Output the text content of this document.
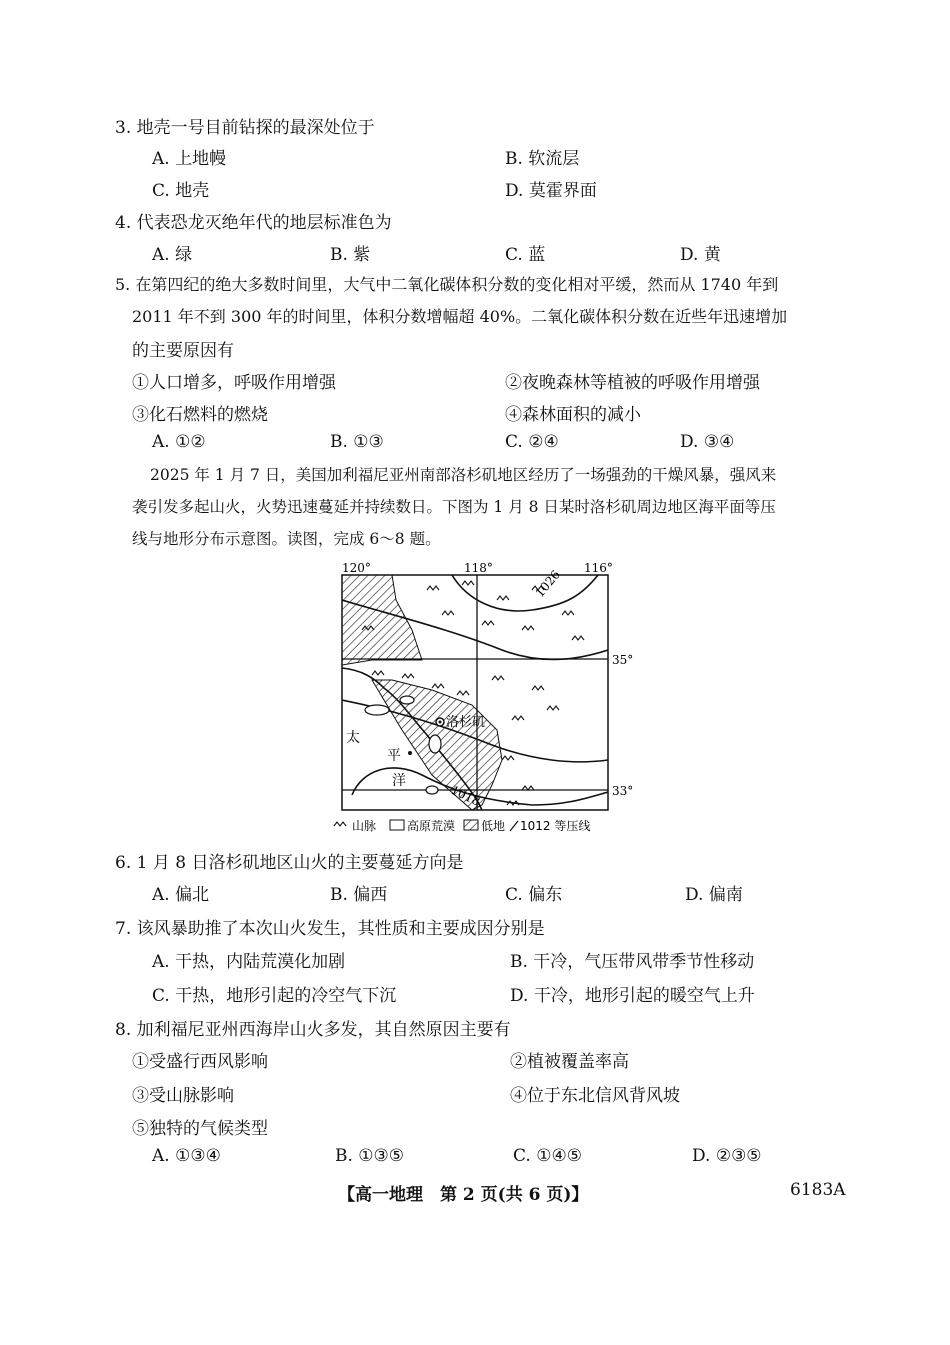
3. 地壳一号目前钻探的最深处位于
A. 上地幔	B. 软流层
C. 地壳	D. 莫霍界面
4. 代表恐龙灭绝年代的地层标准色为
A. 绿	B. 紫	C. 蓝	D. 黄
5. 在第四纪的绝大多数时间里，大气中二氧化碳体积分数的变化相对平缓，然而从 1740 年到
2011 年不到 300 年的时间里，体积分数增幅超 40%。二氧化碳体积分数在近些年迅速增加
的主要原因有
①人口增多，呼吸作用增强	②夜晚森林等植被的呼吸作用增强
③化石燃料的燃烧	④森林面积的减小
A. ①②	B. ①③	C. ②④	D. ③④
2025 年 1 月 7 日，美国加利福尼亚州南部洛杉矶地区经历了一场强劲的干燥风暴，强风来
袭引发多起山火，火势迅速蔓延并持续数日。下图为 1 月 8 日某时洛杉矶周边地区海平面等压
线与地形分布示意图。读图，完成 6～8 题。
120°	118°	116°
35°
33°
洛杉矶
1026
1018
太
平
洋
山脉	高原荒漠 低地 1012 等压线
6. 1 月 8 日洛杉矶地区山火的主要蔓延方向是
A. 偏北	B. 偏西	C. 偏东	D. 偏南
7. 该风暴助推了本次山火发生，其性质和主要成因分别是
A. 干热，内陆荒漠化加剧	B. 干冷，气压带风带季节性移动
C. 干热，地形引起的冷空气下沉	D. 干冷，地形引起的暖空气上升
8. 加利福尼亚州西海岸山火多发，其自然原因主要有
①受盛行西风影响	②植被覆盖率高
③受山脉影响	④位于东北信风背风坡
⑤独特的气候类型
A. ①③④	B. ①③⑤	C. ①④⑤	D. ②③⑤
【高一地理　第 2 页(共 6 页)】	6183A
